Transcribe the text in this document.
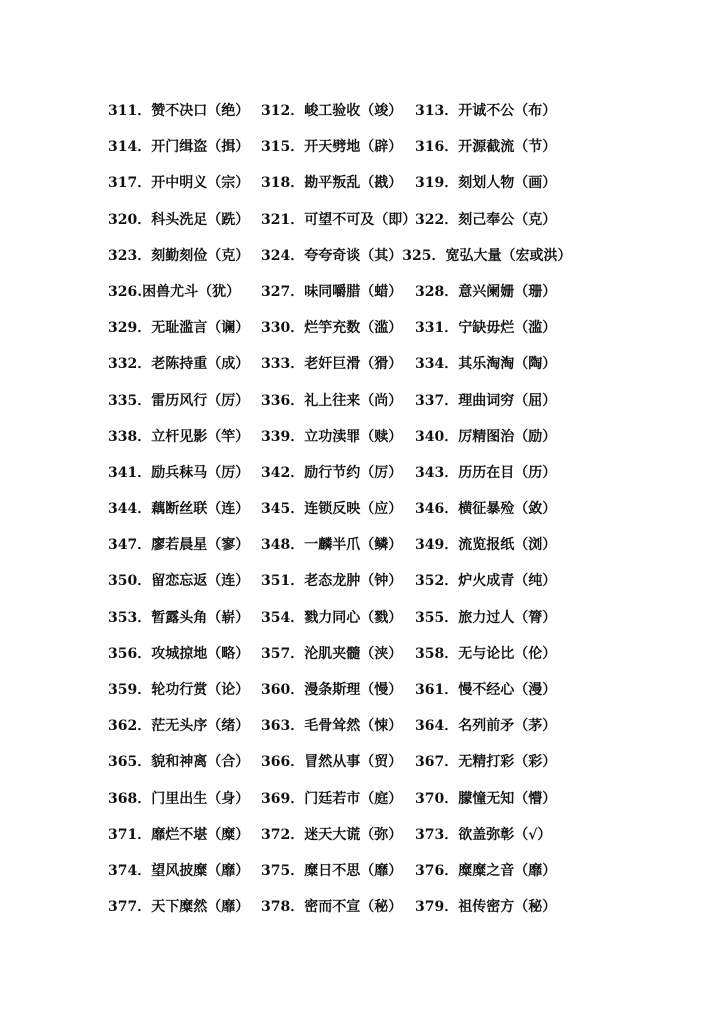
311．赞不决口（绝） 312．峻工验收（竣） 313．开诚不公（布）
314．开门缉盗（揖） 315．开天劈地（辟） 316．开源截流（节）
317．开中明义（宗） 318．勘平叛乱（戡） 319．刻划人物（画）
320．科头洗足（跣） 321．可望不可及（即）
322．刻己奉公（克）
323．刻勤刻俭（克） 324．夸夸奇谈（其）325．宽弘大量（宏或洪）
326.困兽尤斗（犹） 327．味同嚼腊（蜡） 328．意兴阑姗（珊）
329．无耻滥言（谰） 330．烂竽充数（滥） 331．宁缺毋烂（滥）
332．老陈持重（成） 333．老奸巨滑（猾） 334．其乐淘淘（陶）
335．雷历风行（厉） 336．礼上往来（尚） 337．理曲词穷（屈）
338．立杆见影（竿） 339．立功渎罪（赎） 340．厉精图治（励）
341．励兵秣马（厉） 342．励行节约（厉） 343．历历在目（历）
344．藕断丝联（连） 345．连锁反映（应） 346．横征暴殓（敛）
347．廖若晨星（寥） 348．一麟半爪（鳞） 349．流览报纸（浏）
350．留恋忘返（连） 351．老态龙肿（钟） 352．炉火成青（纯）
353．暂露头角（崭） 354．戮力同心（戮） 355．旅力过人（膂）
356．攻城掠地（略） 357．沦肌夹髓（浃） 358．无与论比（伦）
359．轮功行赏（论） 360．漫条斯理（慢） 361．慢不经心（漫）
362．茫无头序（绪） 363．毛骨耸然（悚） 364．名列前矛（茅）
365．貌和神离（合） 366．冒然从事（贸） 367．无精打彩（彩）
368．门里出生（身） 369．门廷若市（庭） 370．朦憧无知（懵）
371．靡烂不堪（糜） 372．迷天大谎（弥） 373．欲盖弥彰（√）
374．望风披糜（靡） 375．糜日不思（靡） 376．糜糜之音（靡）
377．天下糜然（靡） 378．密而不宣（秘） 379．祖传密方（秘）
